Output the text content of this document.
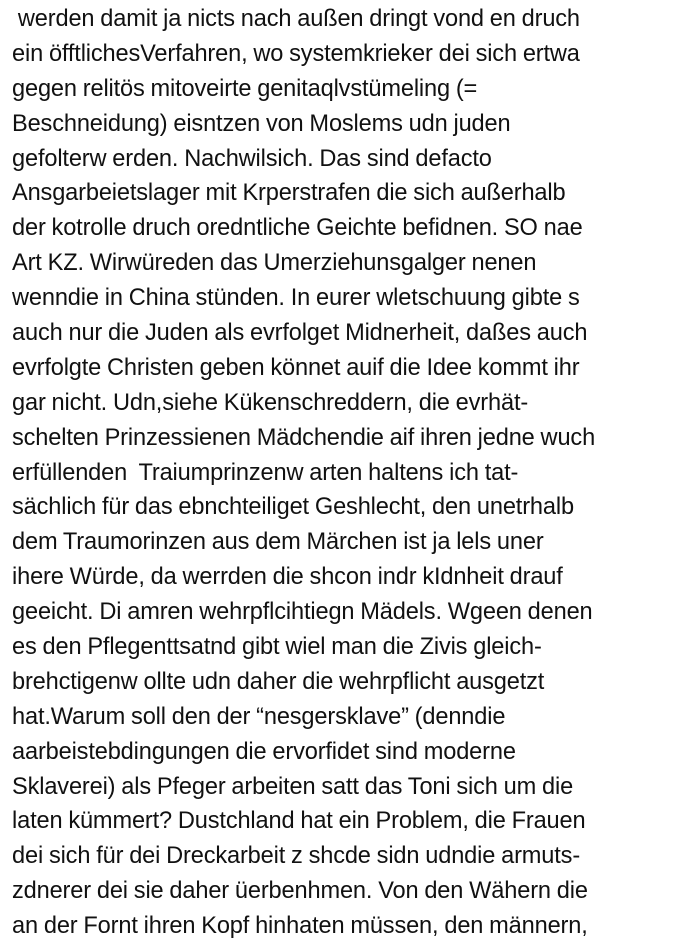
werden damit ja nicts nach außen dringt vond en druch
ein öfftlichesVerfahren, wo systemkrieker dei sich ertwa
gegen relitös mitoveirte genitaqlvstümeling (=
Beschneidung) eisntzen von Moslems udn juden
gefolterw erden. Nachwilsich. Das sind defacto
Ansgarbeietslager mit Krperstrafen die sich außerhalb
der kotrolle druch oredntliche Geichte befidnen. SO nae
Art KZ. Wirwüreden das Umerziehunsgalger nenen
wenndie in China stünden. In eurer wletschuung gibte s
auch nur die Juden als evrfolget Midnerheit, daßes auch
evrfolgte Christen geben könnet auif die Idee kommt ihr
gar nicht. Udn,siehe Kükenschreddern, die evrhät-
schelten Prinzessienen Mädchendie aif ihren jedne wuch
erfüllenden  Traiumprinzenw arten haltens ich tat-
sächlich für das ebnchteiliget Geshlecht, den unetrhalb
dem Traumorinzen aus dem Märchen ist ja lels uner
ihere Würde, da werrden die shcon indr kIdnheit drauf
geeicht. Di amren wehrpflcihtiegn Mädels. Wgeen denen
es den Pflegenttsatnd gibt wiel man die Zivis gleich-
brehctigenw ollte udn daher die wehrpflicht ausgetzt
hat.Warum soll den der “nesgersklave” (denndie
aarbeistebdingungen die ervorfidet sind moderne
Sklaverei) als Pfeger arbeiten satt das Toni sich um die
laten kümmert? Dustchland hat ein Problem, die Frauen
dei sich für dei Dreckarbeit z shcde sidn udndie armuts-
zdnerer dei sie daher üerbenhmen. Von den Wähern die
an der Fornt ihren Kopf hinhaten müssen, den männern,
